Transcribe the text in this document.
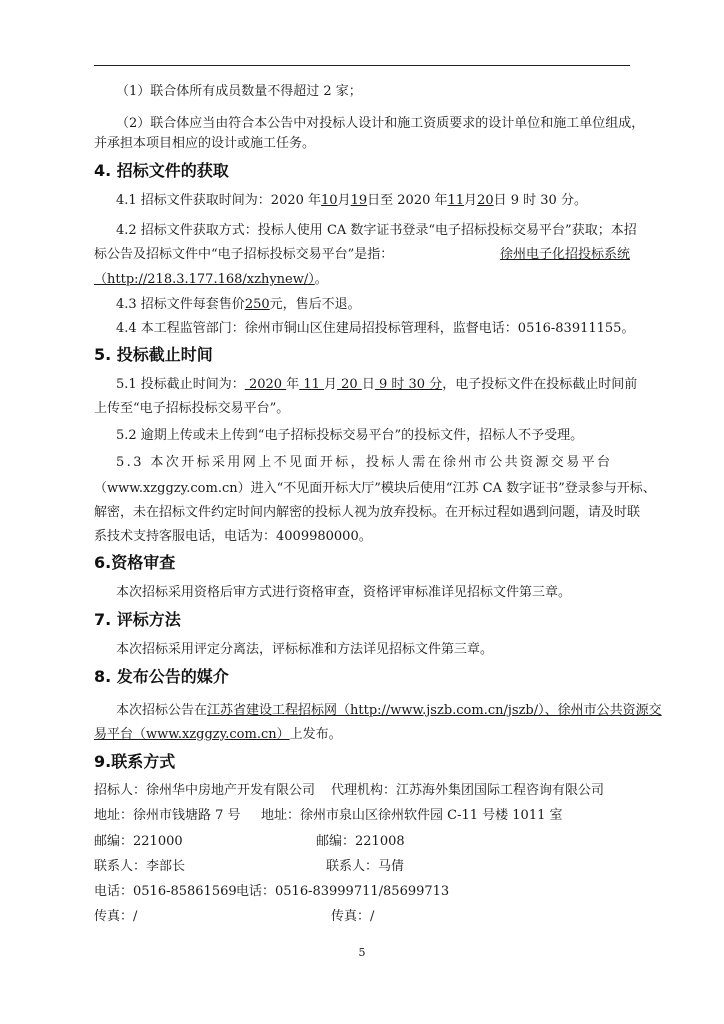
（1）联合体所有成员数量不得超过 2 家；
（2）联合体应当由符合本公告中对投标人设计和施工资质要求的设计单位和施工单位组成，
并承担本项目相应的设计或施工任务。
4. 招标文件的获取
4.1 招标文件获取时间为：2020 年10月19日至 2020 年11月20日 9 时 30 分。
4.2 招标文件获取方式：投标人使用 CA 数字证书登录“电子招标投标交易平台”获取；本招
标公告及招标文件中“电子招标投标交易平台”是指：	徐州电子化招投标系统
（http://218.3.177.168/xzhynew/）。
4.3 招标文件每套售价250元，售后不退。
4.4 本工程监管部门：徐州市铜山区住建局招投标管理科，监督电话：0516-83911155。
5. 投标截止时间
5.1 投标截止时间为： 2020 年 11 月 20 日 9 时 30 分，电子投标文件在投标截止时间前
上传至“电子招标投标交易平台”。
5.2 逾期上传或未上传到“电子招标投标交易平台”的投标文件，招标人不予受理。
5.3 本次开标采用网上不见面开标，投标人需在徐州市公共资源交易平台
（www.xzggzy.com.cn）进入“不见面开标大厅”模块后使用“江苏 CA 数字证书”登录参与开标、
解密，未在招标文件约定时间内解密的投标人视为放弃投标。在开标过程如遇到问题，请及时联
系技术支持客服电话，电话为：4009980000。
6.资格审查
本次招标采用资格后审方式进行资格审查，资格评审标准详见招标文件第三章。
7. 评标方法
本次招标采用评定分离法，评标标准和方法详见招标文件第三章。
8. 发布公告的媒介
本次招标公告在江苏省建设工程招标网（http://www.jszb.com.cn/jszb/）、徐州市公共资源交
易平台（www.xzggzy.com.cn）上发布。
9.联系方式
招标人：徐州华中房地产开发有限公司 代理机构：江苏海外集团国际工程咨询有限公司
地址：徐州市钱塘路 7 号 地址：徐州市泉山区徐州软件园 C-11 号楼 1011 室
邮编：221000	邮编：221008
联系人：李部长	联系人：马倩
电话：0516-85861569 电话：0516-83999711/85699713
传真：/	传真：/
5
